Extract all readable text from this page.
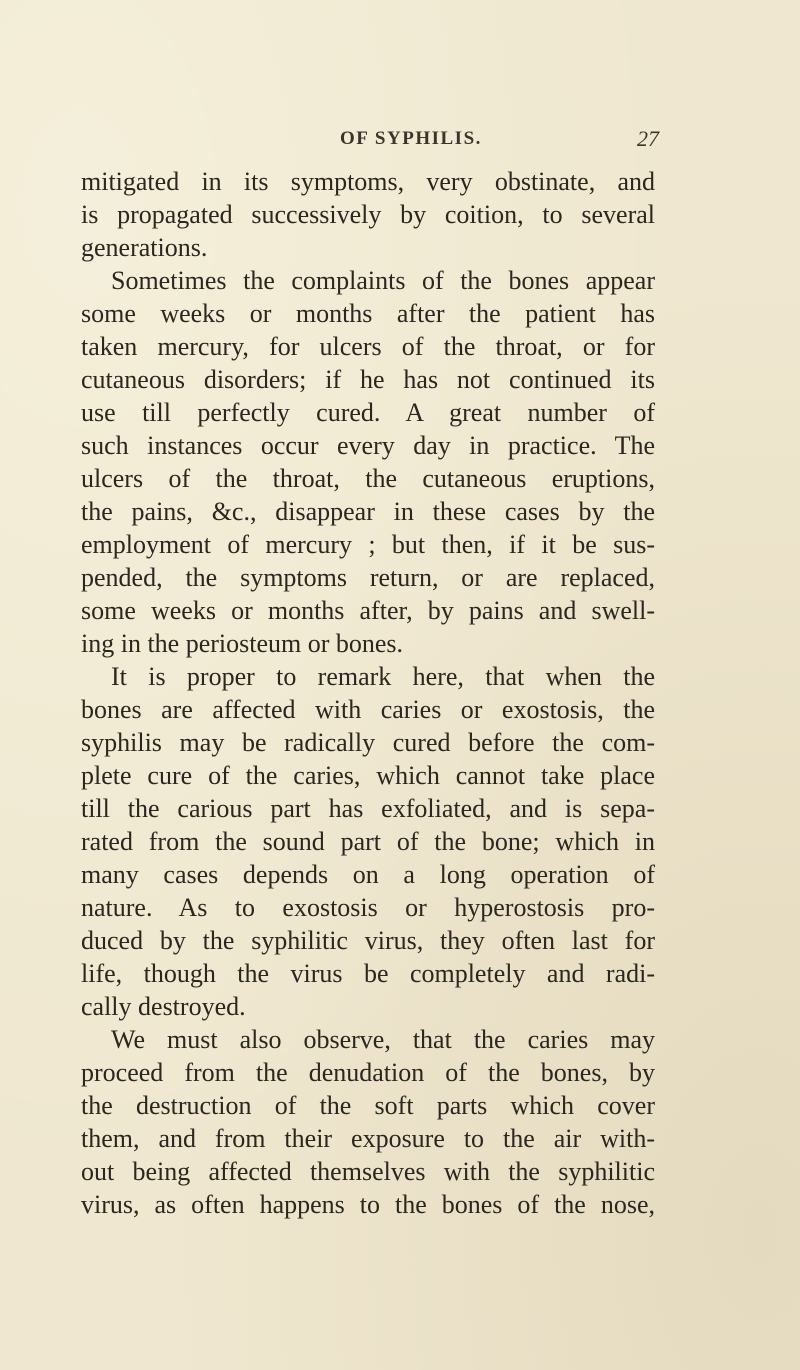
OF SYPHILIS.	27
mitigated in its symptoms, very obstinate, and
is propagated successively by coition, to several
generations.
Sometimes the complaints of the bones appear
some weeks or months after the patient has
taken mercury, for ulcers of the throat, or for
cutaneous disorders; if he has not continued its
use till perfectly cured. A great number of
such instances occur every day in practice. The
ulcers of the throat, the cutaneous eruptions,
the pains, &c., disappear in these cases by the
employment of mercury ; but then, if it be sus-
pended, the symptoms return, or are replaced,
some weeks or months after, by pains and swell-
ing in the periosteum or bones.
It is proper to remark here, that when the
bones are affected with caries or exostosis, the
syphilis may be radically cured before the com-
plete cure of the caries, which cannot take place
till the carious part has exfoliated, and is sepa-
rated from the sound part of the bone; which in
many cases depends on a long operation of
nature. As to exostosis or hyperostosis pro-
duced by the syphilitic virus, they often last for
life, though the virus be completely and radi-
cally destroyed.
We must also observe, that the caries may
proceed from the denudation of the bones, by
the destruction of the soft parts which cover
them, and from their exposure to the air with-
out being affected themselves with the syphilitic
virus, as often happens to the bones of the nose,
